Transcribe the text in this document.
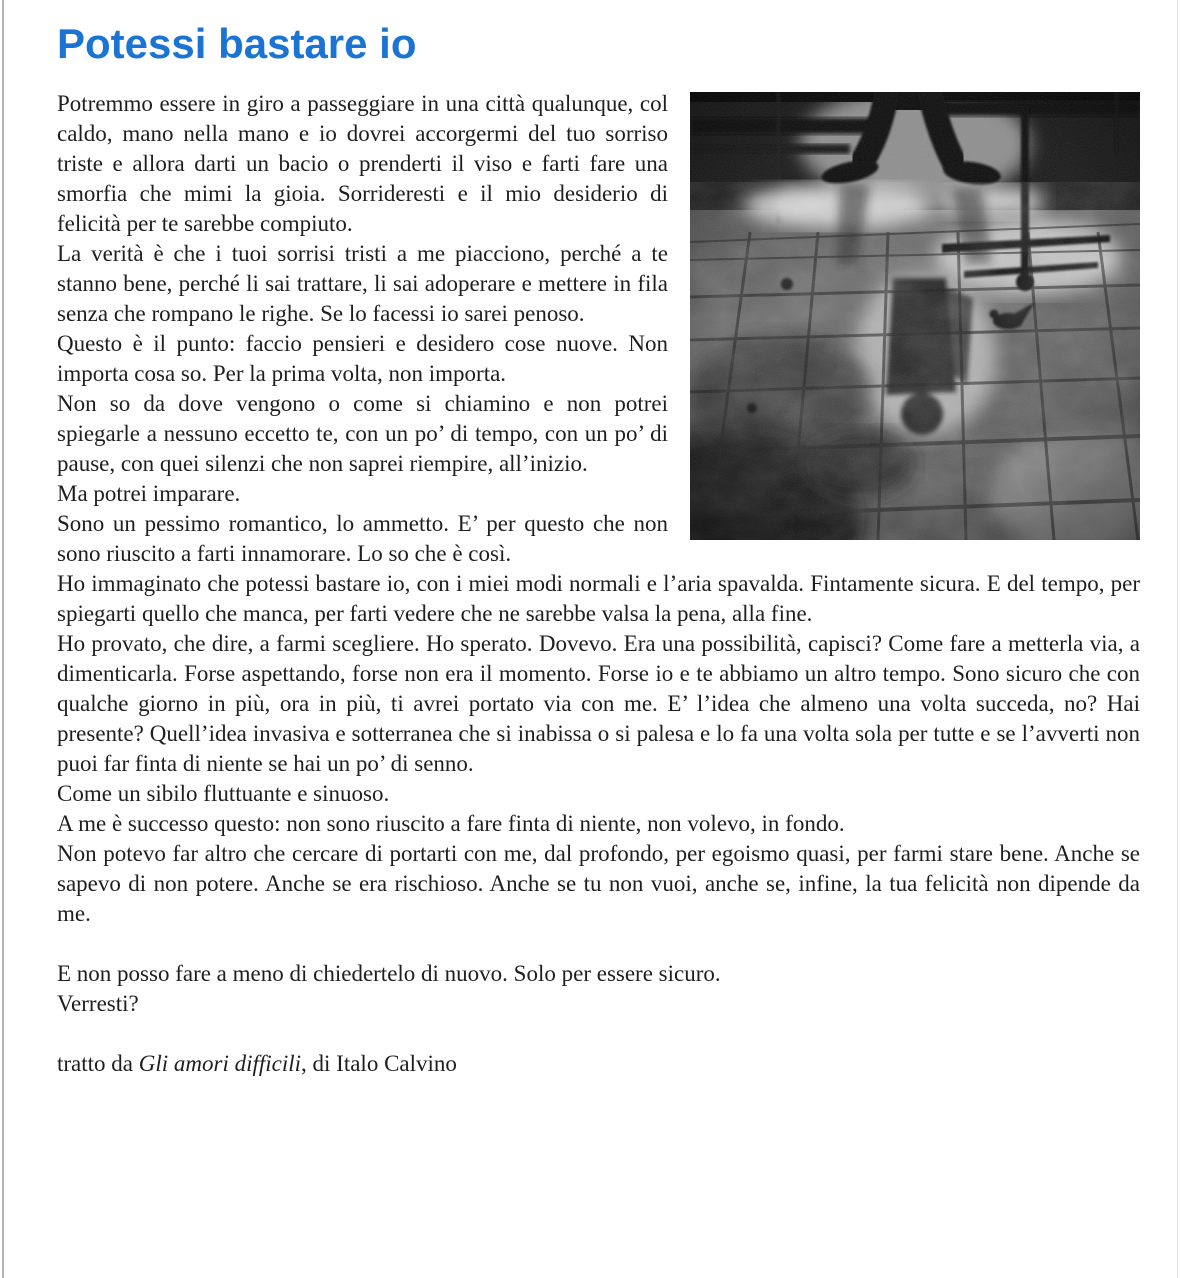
Potessi bastare io
Potremmo essere in giro a passeggiare in una città qualunque, col caldo, mano nella mano e io dovrei accorgermi del tuo sorriso triste e allora darti un bacio o prenderti il viso e farti fare una smorfia che mimi la gioia. Sorrideresti e il mio desiderio di felicità per te sarebbe compiuto.
La verità è che i tuoi sorrisi tristi a me piacciono, perché a te stanno bene, perché li sai trattare, li sai adoperare e mettere in fila senza che rompano le righe. Se lo facessi io sarei penoso.
Questo è il punto: faccio pensieri e desidero cose nuove. Non importa cosa so. Per la prima volta, non importa.
Non so da dove vengono o come si chiamino e non potrei spiegarle a nessuno eccetto te, con un po’ di tempo, con un po’ di pause, con quei silenzi che non saprei riempire, all’inizio.
Ma potrei imparare.
Sono un pessimo romantico, lo ammetto. E’ per questo che non sono riuscito a farti innamorare. Lo so che è così.
Ho immaginato che potessi bastare io, con i miei modi normali e l’aria spavalda. Fintamente sicura. E del tempo, per spiegarti quello che manca, per farti vedere che ne sarebbe valsa la pena, alla fine.
Ho provato, che dire, a farmi scegliere. Ho sperato. Dovevo. Era una possibilità, capisci? Come fare a metterla via, a dimenticarla. Forse aspettando, forse non era il momento. Forse io e te abbiamo un altro tempo. Sono sicuro che con qualche giorno in più, ora in più, ti avrei portato via con me. E’ l’idea che almeno una volta succeda, no? Hai presente? Quell’idea invasiva e sotterranea che si inabissa o si palesa e lo fa una volta sola per tutte e se l’avverti non puoi far finta di niente se hai un po’ di senno.
Come un sibilo fluttuante e sinuoso.
A me è successo questo: non sono riuscito a fare finta di niente, non volevo, in fondo.
Non potevo far altro che cercare di portarti con me, dal profondo, per egoismo quasi, per farmi stare bene. Anche se sapevo di non potere. Anche se era rischioso. Anche se tu non vuoi, anche se, infine, la tua felicità non dipende da me.

E non posso fare a meno di chiedertelo di nuovo. Solo per essere sicuro.
Verresti?

tratto da Gli amori difficili, di Italo Calvino
